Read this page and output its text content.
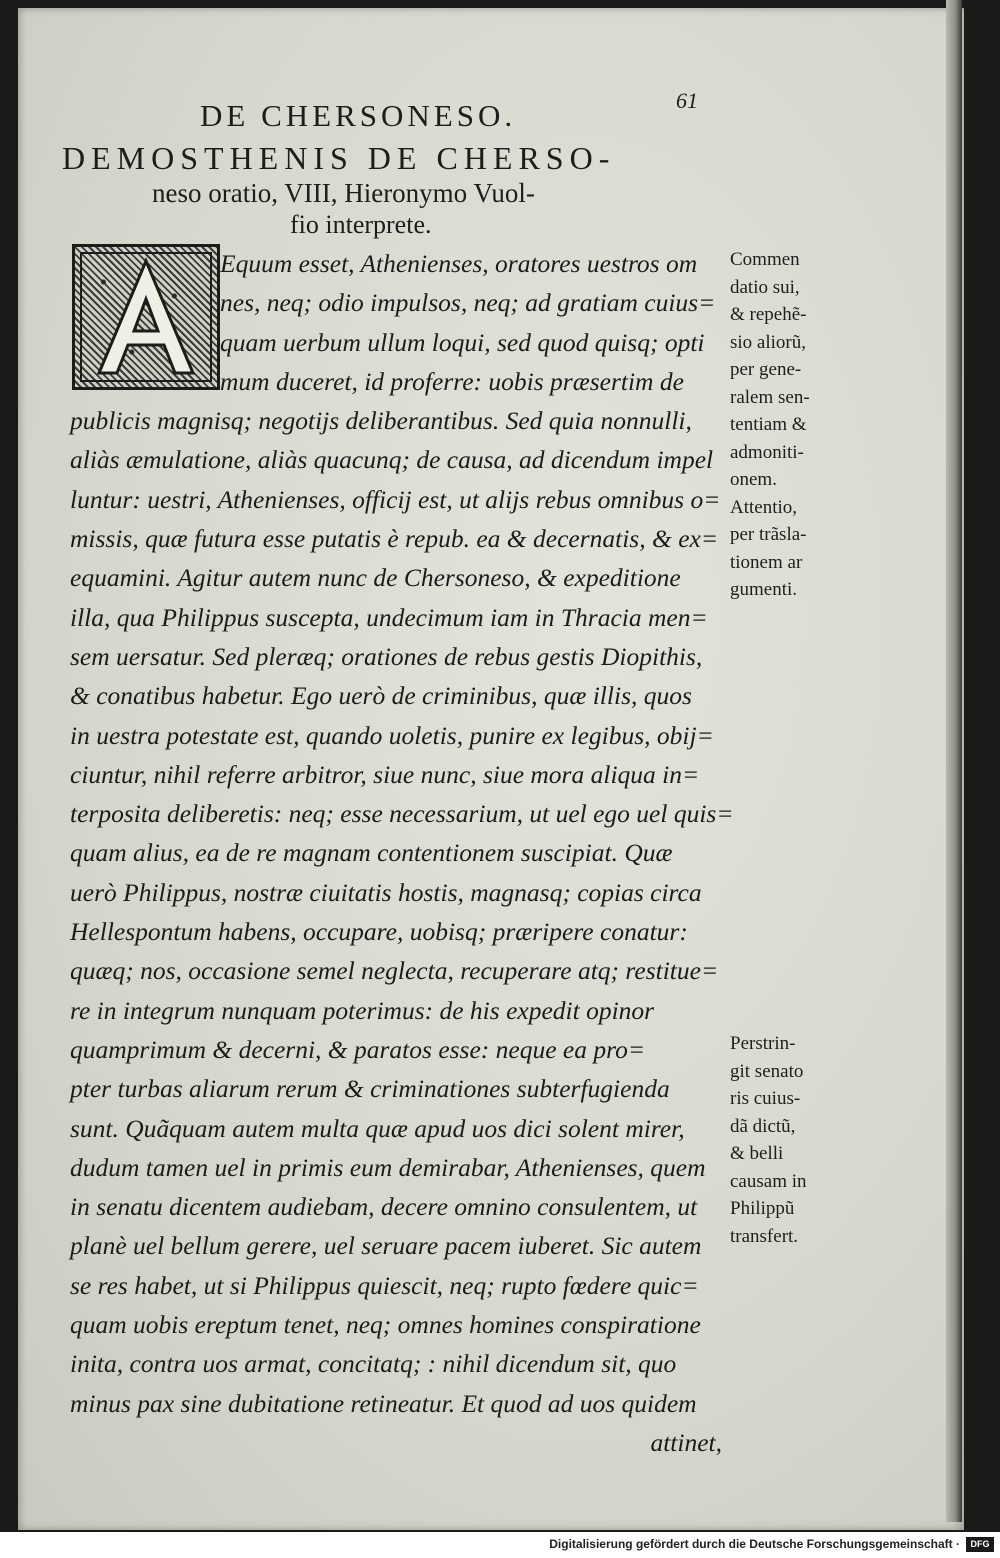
DE CHERSONESO.	61
DEMOSTHENIS DE CHERSO-
neso oratio, VIII, Hieronymo Vuol-
fio interprete.
Equum esset, Athenienses, oratores uestros om
nes, neq; odio impulsos, neq; ad gratiam cuius=
quam uerbum ullum loqui, sed quod quisq; opti
mum duceret, id proferre: uobis præsertim de
publicis magnisq; negotijs deliberantibus. Sed quia nonnulli,
aliàs æmulatione, aliàs quacunq; de causa, ad dicendum impel
luntur: uestri, Athenienses, officij est, ut alijs rebus omnibus o=
missis, quæ futura esse putatis è repub. ea & decernatis, & ex=
equamini. Agitur autem nunc de Chersoneso, & expeditione
illa, qua Philippus suscepta, undecimum iam in Thracia men=
sem uersatur. Sed pleræq; orationes de rebus gestis Diopithis,
& conatibus habetur. Ego uerò de criminibus, quæ illis, quos
in uestra potestate est, quando uoletis, punire ex legibus, obij=
ciuntur, nihil referre arbitror, siue nunc, siue mora aliqua in=
terposita deliberetis: neq; esse necessarium, ut uel ego uel quis=
quam alius, ea de re magnam contentionem suscipiat. Quæ
uerò Philippus, nostræ ciuitatis hostis, magnasq; copias circa
Hellespontum habens, occupare, uobisq; præripere conatur:
quæq; nos, occasione semel neglecta, recuperare atq; restitue=
re in integrum nunquam poterimus: de his expedit opinor
quamprimum & decerni, & paratos esse: neque ea pro=
pter turbas aliarum rerum & criminationes subterfugienda
sunt. Quãquam autem multa quæ apud uos dici solent mirer,
dudum tamen uel in primis eum demirabar, Athenienses, quem
in senatu dicentem audiebam, decere omnino consulentem, ut
planè uel bellum gerere, uel seruare pacem iuberet. Sic autem
se res habet, ut si Philippus quiescit, neq; rupto fœdere quic=
quam uobis ereptum tenet, neq; omnes homines conspiratione
inita, contra uos armat, concitatq; : nihil dicendum sit, quo
minus pax sine dubitatione retineatur. Et quod ad uos quidem
attinet,
Commen
datio sui,
& repehẽ-
sio aliorũ,
per gene-
ralem sen-
tentiam &
admoniti-
onem.
Attentio,
per trãsla-
tionem ar
gumenti.
Perstrin-
git senato
ris cuius-
dã dictũ,
& belli
causam in
Philippũ
transfert.
Digitalisierung gefördert durch die Deutsche Forschungsgemeinschaft ·	DFG
